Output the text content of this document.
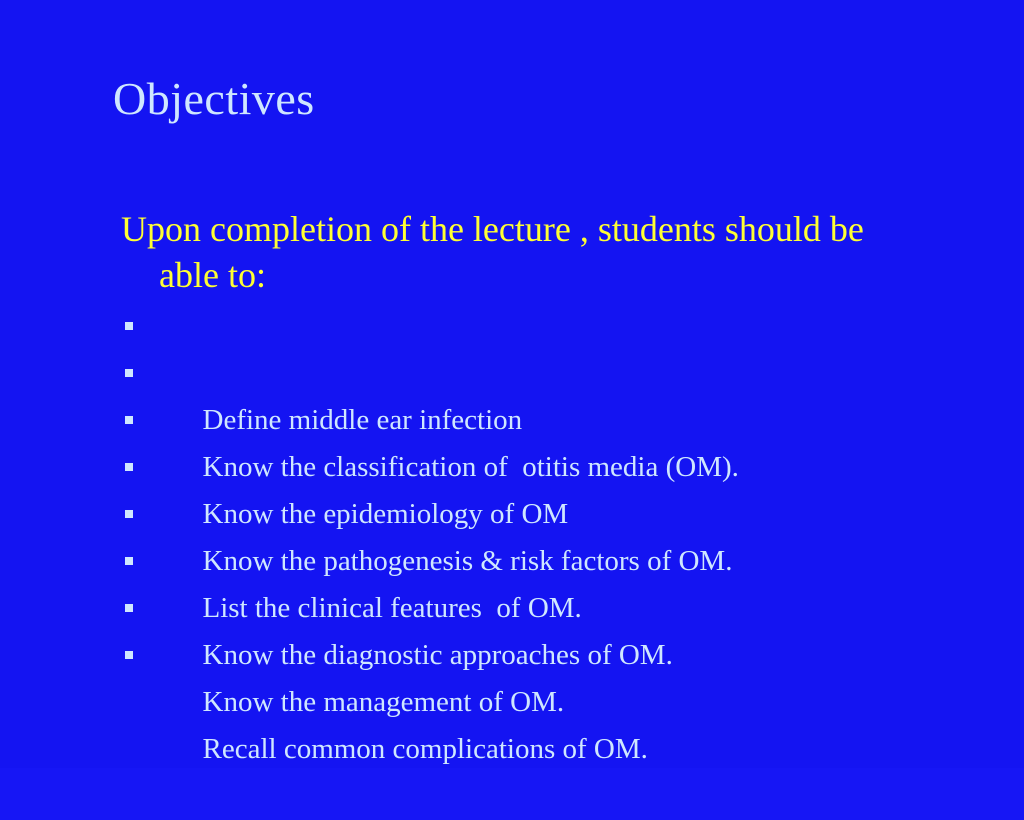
Objectives
Upon completion of the lecture , students should be able to:

Define middle ear infection

Know the classification of  otitis media (OM).

Know the epidemiology of OM

Know the pathogenesis & risk factors of OM.

List the clinical features  of OM.

Know the diagnostic approaches of OM.

Know the management of OM.

Recall common complications of OM.
